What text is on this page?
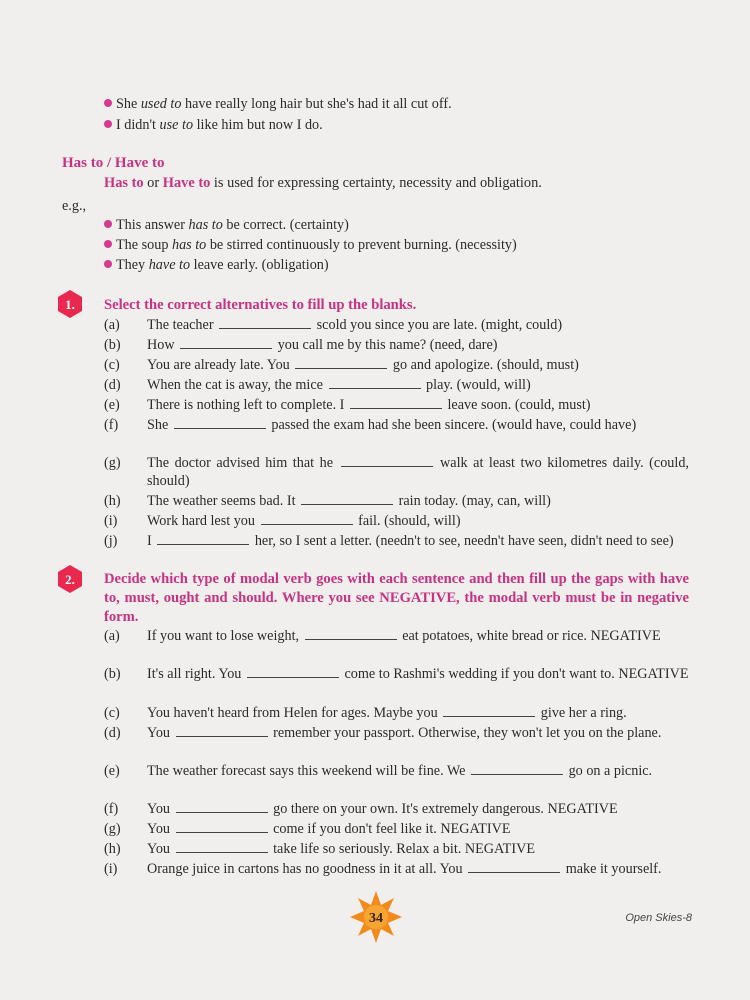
She used to have really long hair but she's had it all cut off.
I didn't use to like him but now I do.
Has to / Have to
Has to or Have to is used for expressing certainty, necessity and obligation.
e.g.,
This answer has to be correct. (certainty)
The soup has to be stirred continuously to prevent burning. (necessity)
They have to leave early. (obligation)
1. Select the correct alternatives to fill up the blanks.
(a)	The teacher	scold you since you are late. (might, could)
(b)	How	you call me by this name? (need, dare)
(c)	You are already late. You	go and apologize. (should, must)
(d)	When the cat is away, the mice	play. (would, will)
(e)	There is nothing left to complete. I	leave soon. (could, must)
(f)	She	passed the exam had she been sincere. (would have, could have)
(g)	The doctor advised him that he	walk at least two kilometres daily. (could, should)
(h)	The weather seems bad. It	rain today. (may, can, will)
(i)	Work hard lest you	fail. (should, will)
(j)	I	her, so I sent a letter. (needn't to see, needn't have seen, didn't need to see)
2. Decide which type of modal verb goes with each sentence and then fill up the gaps with have to, must, ought and should. Where you see NEGATIVE, the modal verb must be in negative form.
(a)	If you want to lose weight,	eat potatoes, white bread or rice. NEGATIVE
(b)	It's all right. You	come to Rashmi's wedding if you don't want to. NEGATIVE
(c)	You haven't heard from Helen for ages. Maybe you	give her a ring.
(d)	You	remember your passport. Otherwise, they won't let you on the plane.
(e)	The weather forecast says this weekend will be fine. We	go on a picnic.
(f)	You	go there on your own. It's extremely dangerous. NEGATIVE
(g)	You	come if you don't feel like it. NEGATIVE
(h)	You	take life so seriously. Relax a bit. NEGATIVE
(i)	Orange juice in cartons has no goodness in it at all. You	make it yourself.
34	Open Skies-8
